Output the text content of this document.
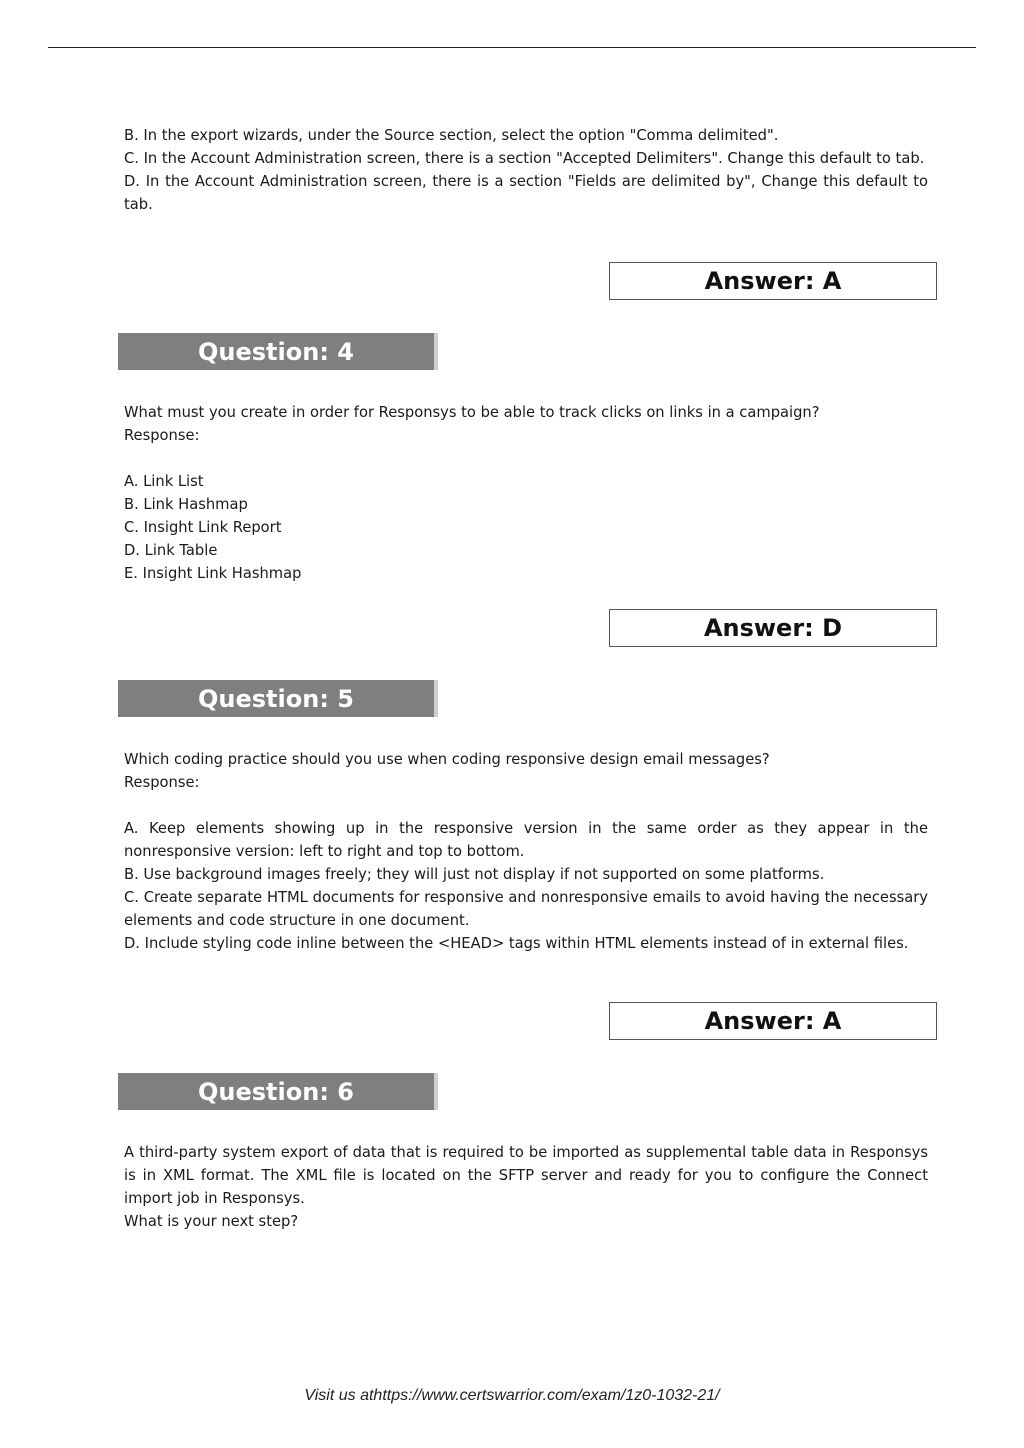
B. In the export wizards, under the Source section, select the option "Comma delimited".
C. In the Account Administration screen, there is a section "Accepted Delimiters". Change this default to tab.
D. In the Account Administration screen, there is a section "Fields are delimited by", Change this default to tab.
Answer: A
Question: 4
What must you create in order for Responsys to be able to track clicks on links in a campaign?
Response:
A. Link List
B. Link Hashmap
C. Insight Link Report
D. Link Table
E. Insight Link Hashmap
Answer: D
Question: 5
Which coding practice should you use when coding responsive design email messages?
Response:
A. Keep elements showing up in the responsive version in the same order as they appear in the nonresponsive version: left to right and top to bottom.
B. Use background images freely; they will just not display if not supported on some platforms.
C. Create separate HTML documents for responsive and nonresponsive emails to avoid having the necessary elements and code structure in one document.
D. Include styling code inline between the <HEAD> tags within HTML elements instead of in external files.
Answer: A
Question: 6
A third-party system export of data that is required to be imported as supplemental table data in Responsys is in XML format. The XML file is located on the SFTP server and ready for you to configure the Connect import job in Responsys.
What is your next step?
Visit us athttps://www.certswarrior.com/exam/1z0-1032-21/
